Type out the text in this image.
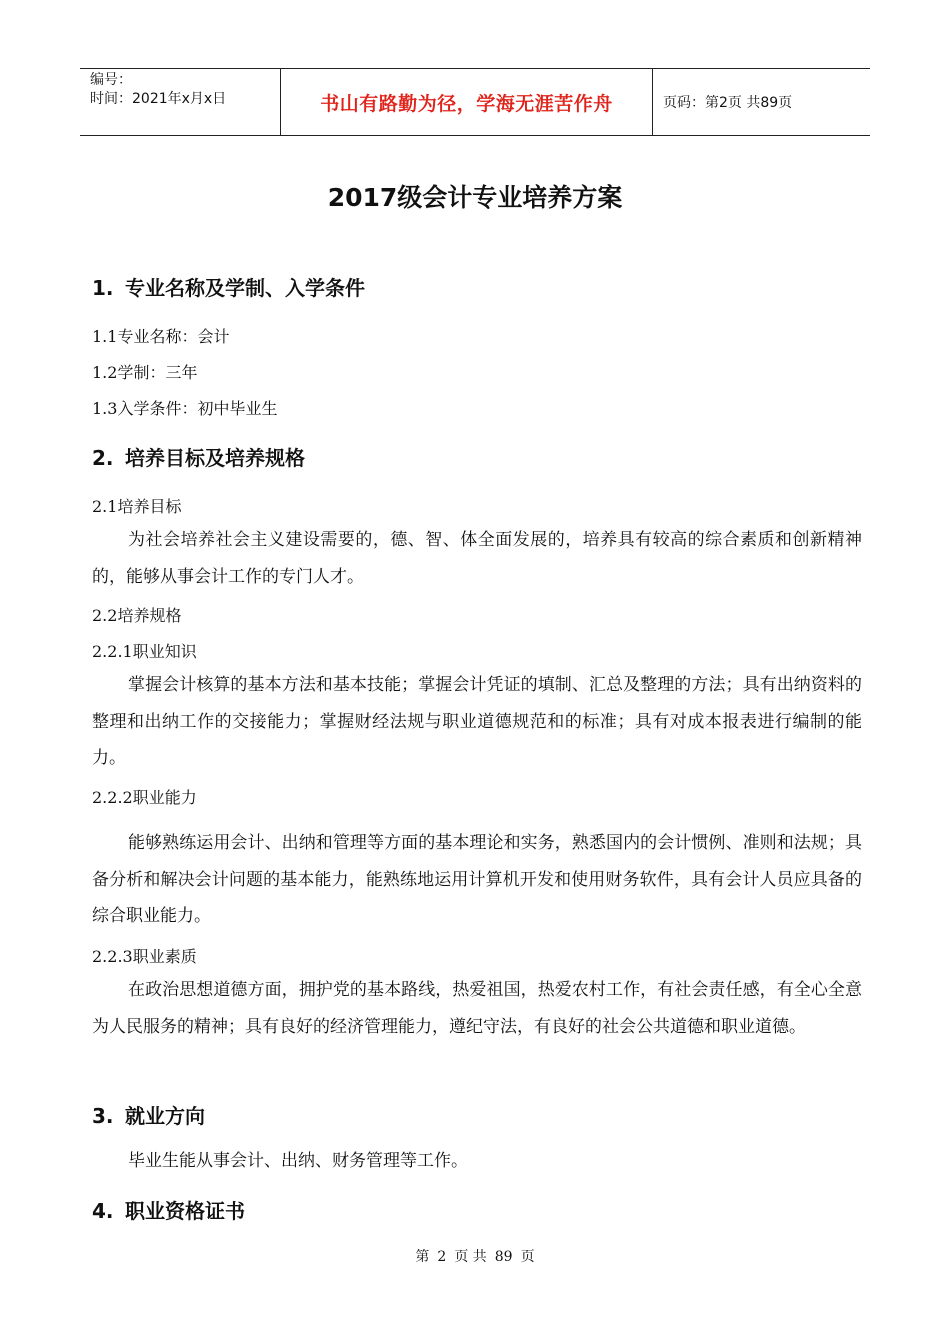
编号：
时间：2021年x月x日	书山有路勤为径，学海无涯苦作舟	页码：第2页 共89页
2017级会计专业培养方案
1. 专业名称及学制、入学条件
1.1专业名称：会计
1.2学制：三年
1.3入学条件：初中毕业生
2. 培养目标及培养规格
2.1培养目标
为社会培养社会主义建设需要的，德、智、体全面发展的，培养具有较高的综合素质和创新精神的，能够从事会计工作的专门人才。
2.2培养规格
2.2.1职业知识
掌握会计核算的基本方法和基本技能；掌握会计凭证的填制、汇总及整理的方法；具有出纳资料的整理和出纳工作的交接能力；掌握财经法规与职业道德规范和的标准；具有对成本报表进行编制的能力。
2.2.2职业能力
能够熟练运用会计、出纳和管理等方面的基本理论和实务，熟悉国内的会计惯例、准则和法规；具备分析和解决会计问题的基本能力，能熟练地运用计算机开发和使用财务软件，具有会计人员应具备的综合职业能力。
2.2.3职业素质
在政治思想道德方面，拥护党的基本路线，热爱祖国，热爱农村工作，有社会责任感，有全心全意为人民服务的精神；具有良好的经济管理能力，遵纪守法，有良好的社会公共道德和职业道德。
3. 就业方向
毕业生能从事会计、出纳、财务管理等工作。
4. 职业资格证书
第 2 页 共 89 页
